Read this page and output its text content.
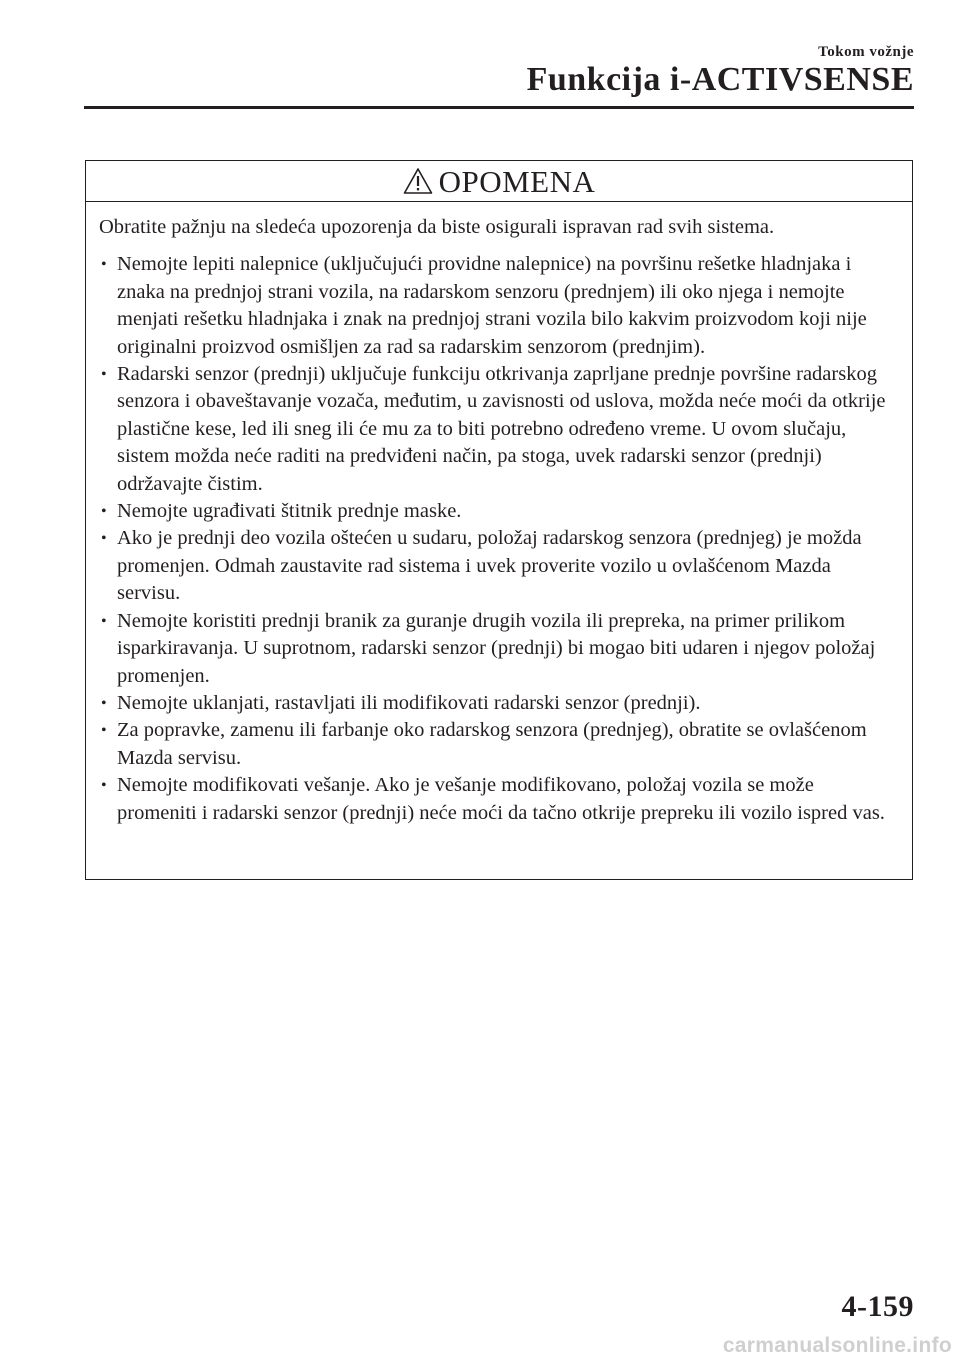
Tokom vožnje
Funkcija i-ACTIVSENSE
OPOMENA

Obratite pažnju na sledeća upozorenja da biste osigurali ispravan rad svih sistema.

• Nemojte lepiti nalepnice (uključujući providne nalepnice) na površinu rešetke hladnjaka i znaka na prednjoj strani vozila, na radarskom senzoru (prednjem) ili oko njega i nemojte menjati rešetku hladnjaka i znak na prednjoj strani vozila bilo kakvim proizvodom koji nije originalni proizvod osmišljen za rad sa radarskim senzorom (prednjim).
• Radarski senzor (prednji) uključuje funkciju otkrivanja zaprljane prednje površine radarskog senzora i obaveštavanje vozača, međutim, u zavisnosti od uslova, možda neće moći da otkrije plastične kese, led ili sneg ili će mu za to biti potrebno određeno vreme. U ovom slučaju, sistem možda neće raditi na predviđeni način, pa stoga, uvek radarski senzor (prednji) održavajte čistim.
• Nemojte ugrađivati štitnik prednje maske.
• Ako je prednji deo vozila oštećen u sudaru, položaj radarskog senzora (prednjeg) je možda promenjen. Odmah zaustavite rad sistema i uvek proverite vozilo u ovlašćenom Mazda servisu.
• Nemojte koristiti prednji branik za guranje drugih vozila ili prepreka, na primer prilikom isparkiravanja. U suprotnom, radarski senzor (prednji) bi mogao biti udaren i njegov položaj promenjen.
• Nemojte uklanjati, rastavljati ili modifikovati radarski senzor (prednji).
• Za popravke, zamenu ili farbanje oko radarskog senzora (prednjeg), obratite se ovlašćenom Mazda servisu.
• Nemojte modifikovati vešanje. Ako je vešanje modifikovano, položaj vozila se može promeniti i radarski senzor (prednji) neće moći da tačno otkrije prepreku ili vozilo ispred vas.
4-159
carmanualsonline.info
